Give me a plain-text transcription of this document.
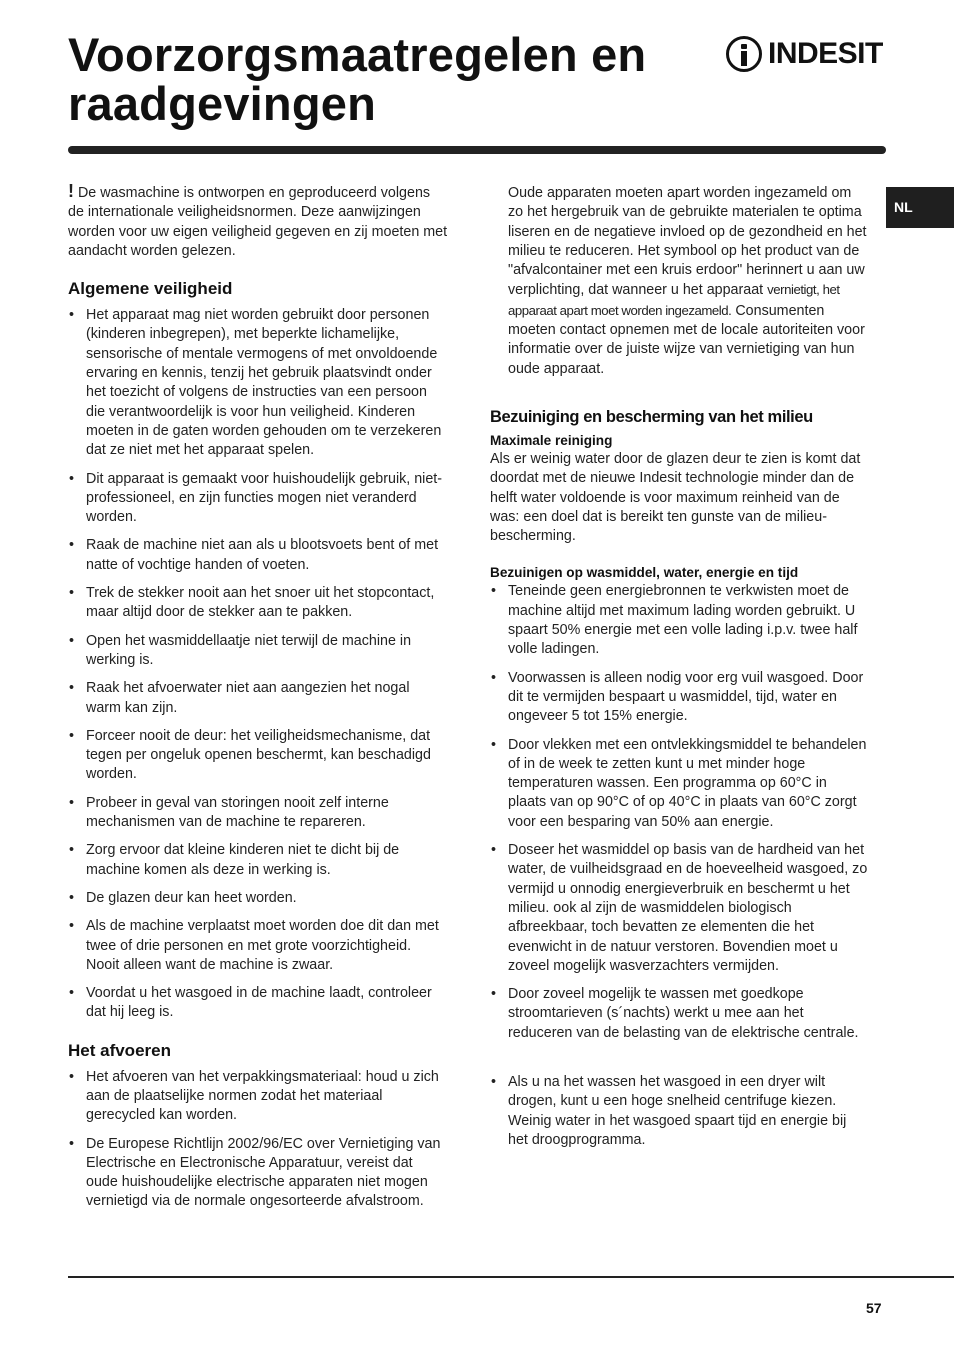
Voorzorgsmaatregelen en
raadgevingen
INDESIT
NL

! De wasmachine is ontworpen en geproduceerd volgens de internationale veiligheidsnormen. Deze aanwijzingen worden voor uw eigen veiligheid gegeven en zij moeten met aandacht worden gelezen.

Algemene veiligheid
• Het apparaat mag niet worden gebruikt door personen (kinderen inbegrepen), met beperkte lichamelijke, sensorische of mentale vermogens of met onvoldoende ervaring en kennis, tenzij het gebruik plaatsvindt onder het toezicht of volgens de instructies van een persoon die verantwoordelijk is voor hun veiligheid. Kinderen moeten in de gaten worden gehouden om te verzekeren dat ze niet met het apparaat spelen.
• Dit apparaat is gemaakt voor huishoudelijk gebruik, niet-professioneel, en zijn functies mogen niet veranderd worden.
• Raak de machine niet aan als u blootsvoets bent of met natte of vochtige handen of voeten.
• Trek de stekker nooit aan het snoer uit het stopcontact, maar altijd door de stekker aan te pakken.
• Open het wasmiddellaatje niet terwijl de machine in werking is.
• Raak het afvoerwater niet aan aangezien het nogal warm kan zijn.
• Forceer nooit de deur: het veiligheidsmechanisme, dat tegen per ongeluk openen beschermt, kan beschadigd worden.
• Probeer in geval van storingen nooit zelf interne mechanismen van de machine te repareren.
• Zorg ervoor dat kleine kinderen niet te dicht bij de machine komen als deze in werking is.
• De glazen deur kan heet worden.
• Als de machine verplaatst moet worden doe dit dan met twee of drie personen en met grote voorzichtigheid. Nooit alleen want de machine is zwaar.
• Voordat u het wasgoed in de machine laadt, controleer dat hij leeg is.
Het afvoeren
• Het afvoeren van het verpakkingsmateriaal: houd u zich aan de plaatselijke normen zodat het materiaal gerecycled kan worden.
• De Europese Richtlijn 2002/96/EC over Vernietiging van Electrische en Electronische Apparatuur, vereist dat oude huishoudelijke electrische apparaten niet mogen vernietigd via de normale ongesorteerde afvalstroom.

Oude apparaten moeten apart worden ingezameld om zo het hergebruik van de gebruikte materialen te optima liseren en de negatieve invloed op de gezondheid en het milieu te reduceren. Het symbool op het product van de "afvalcontainer met een kruis erdoor" herinnert u aan uw verplichting, dat wanneer u het apparaat vernietigt, het apparaat apart moet worden ingezameld. Consumenten moeten contact opnemen met de locale autoriteiten voor informatie over de juiste wijze van vernietiging van hun oude apparaat.

Bezuiniging en bescherming van het milieu
Maximale reiniging

Als er weinig water door de glazen deur te zien is komt dat doordat met de nieuwe Indesit technologie minder dan de helft water voldoende is voor maximum reinheid van de was: een doel dat is bereikt ten gunste van de milieu-bescherming.

Bezuinigen op wasmiddel, water, energie en tijd
• Teneinde geen energiebronnen te verkwisten moet de machine altijd met maximum lading worden gebruikt. U spaart 50% energie met een volle lading i.p.v. twee half volle ladingen.
• Voorwassen is alleen nodig voor erg vuil wasgoed. Door dit te vermijden bespaart u wasmiddel, tijd, water en ongeveer 5 tot 15% energie.
• Door vlekken met een ontvlekkingsmiddel te behandelen of in de week te zetten kunt u met minder hoge temperaturen wassen. Een programma op 60°C in plaats van op 90°C of op 40°C in plaats van 60°C zorgt voor een besparing van 50% aan energie.
• Doseer het wasmiddel op basis van de hardheid van het water, de vuilheidsgraad en de hoeveelheid wasgoed, zo vermijd u onnodig energieverbruik en beschermt u het milieu. ook al zijn de wasmiddelen biologisch afbreekbaar, toch bevatten ze elementen die het evenwicht in de natuur verstoren. Bovendien moet u zoveel mogelijk wasverzachters vermijden.
• Door zoveel mogelijk te wassen met goedkope stroomtarieven (s´nachts) werkt u mee aan het reduceren van de belasting van de elektrische centrale.
• Als u na het wassen het wasgoed in een dryer wilt drogen, kunt u een hoge snelheid centrifuge kiezen. Weinig water in het wasgoed spaart tijd en energie bij het droogprogramma.
57
